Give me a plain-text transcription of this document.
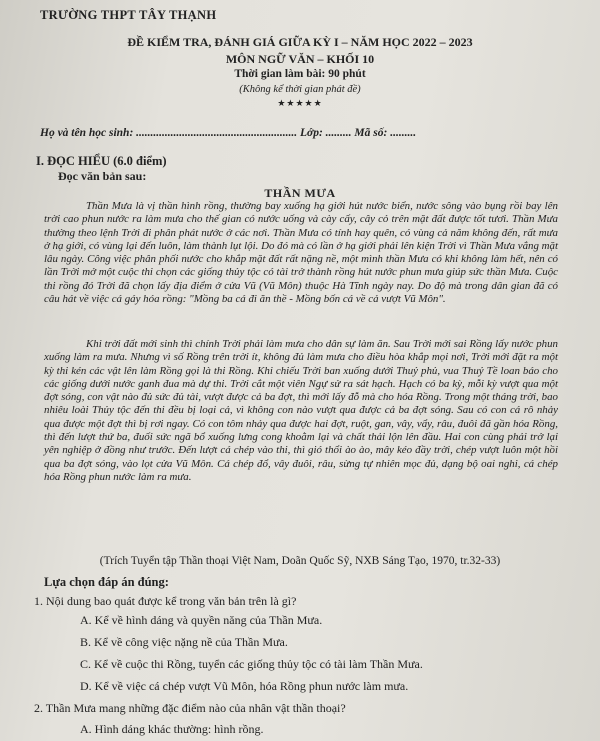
TRƯỜNG THPT TÂY THẠNH
ĐỀ KIỂM TRA, ĐÁNH GIÁ GIỮA KỲ I – NĂM HỌC 2022 – 2023
MÔN NGỮ VĂN – KHỐI 10
Thời gian làm bài: 90 phút
(Không kể thời gian phát đề)
★★★★★
Họ và tên học sinh: ........................................................ Lớp: ......... Mã số: .........
I. ĐỌC HIỂU (6.0 điểm)
Đọc văn bản sau:
THẦN MƯA

Thần Mưa là vị thần hình rồng, thường bay xuống hạ giới hút nước biển, nước sông vào bụng rồi bay lên trời cao phun nước ra làm mưa cho thế gian có nước uống và cày cấy, cây cỏ trên mặt đất được tốt tươi. Thần Mưa thường theo lệnh Trời đi phân phát nước ở các nơi. Thần Mưa có tính hay quên, có vùng cả năm không đến, rất mưa ở hạ giới, có vùng lại đến luôn, làm thành lụt lội. Do đó mà có lần ở hạ giới phải lên kiện Trời vì Thần Mưa vắng mặt lâu ngày. Công việc phân phối nước cho khắp mặt đất rất nặng nề, một mình thần Mưa có khi không làm hết, nên có lần Trời mở một cuộc thi chọn các giống thủy tộc có tài trở thành rồng hút nước phun mưa giúp sức thần Mưa. Cuộc thi rồng đó Trời đã chọn lấy địa điểm ở cửa Vũ (Vũ Môn) thuộc Hà Tĩnh ngày nay. Do độ mà trong dân gian đã có câu hát về việc cá gáy hóa rồng: "Mồng ba cá đi ăn thề - Mồng bốn cá về cả vượt Vũ Môn".

Khi trời đất mới sinh thì chính Trời phải làm mưa cho dân sự làm ăn. Sau Trời mới sai Rồng lấy nước phun xuống làm ra mưa. Nhưng vì số Rồng trên trời ít, không đủ làm mưa cho điều hòa khắp mọi nơi, Trời mới đặt ra một kỳ thi kén các vật lên làm Rồng gọi là thi Rồng. Khi chiếu Trời ban xuống dưới Thuỷ phủ, vua Thuỷ Tề loan báo cho các giống dưới nước ganh đua mà dự thi. Trời cắt một viên Ngự sử ra sát hạch. Hạch có ba kỳ, mỗi kỳ vượt qua một đợt sóng, con vật nào đủ sức đủ tài, vượt được cả ba đợt, thì mới lấy đỗ mà cho hóa Rồng. Trong một tháng trời, bao nhiêu loài Thủy tộc đến thi đều bị loại cả, vì không con nào vượt qua được cả ba đợt sóng. Sau có con cá rô nhảy qua được một đợt thì bị rơi ngay. Có con tôm nhảy qua được hai đợt, ruột, gan, vây, vẩy, râu, đuôi đã gần hóa Rồng, thì đến lượt thứ ba, đuối sức ngã bổ xuống lưng cong khoằm lại và chất thải lộn lên đầu. Hai con cùng phải trở lại yên nghiệp ở đồng như trước. Đến lượt cá chép vào thi, thì gió thổi ào ào, mây kéo đầy trời, chép vượt luôn một hồi qua ba đợt sóng, vào lọt cửa Vũ Môn. Cá chép đổ, vây đuôi, râu, sừng tự nhiên mọc đủ, dạng bộ oai nghi, cá chép hóa Rồng phun nước làm ra mưa.

(Trích Tuyển tập Thần thoại Việt Nam, Doãn Quốc Sỹ, NXB Sáng Tạo, 1970, tr.32-33)
Lựa chọn đáp án đúng:
1. Nội dung bao quát được kể trong văn bản trên là gì?
A. Kể về hình dáng và quyền năng của Thần Mưa.
B. Kể về công việc nặng nề của Thần Mưa.
C. Kể về cuộc thi Rồng, tuyển các giống thủy tộc có tài làm Thần Mưa.
D. Kể về việc cá chép vượt Vũ Môn, hóa Rồng phun nước làm mưa.
2. Thần Mưa mang những đặc điểm nào của nhân vật thần thoại?
A. Hình dáng khác thường: hình rồng.
